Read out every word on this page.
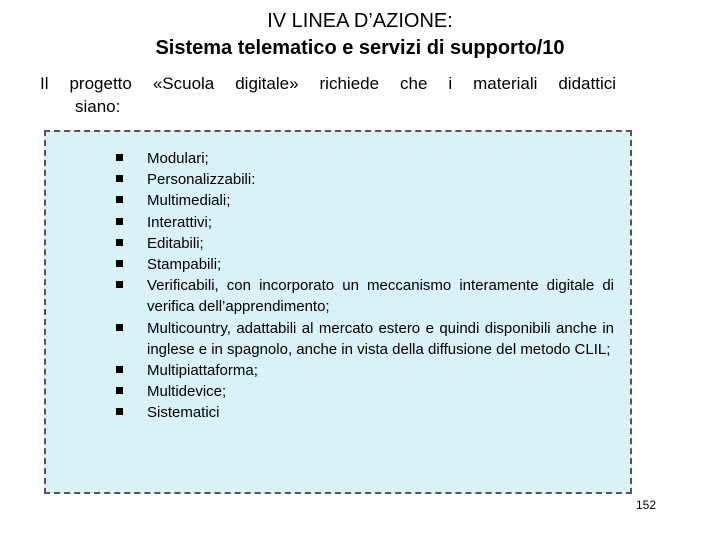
IV LINEA D’AZIONE:
Sistema telematico e servizi di supporto/10
Il progetto «Scuola digitale» richiede che i materiali didattici
siano:
Modulari;
Personalizzabili:
Multimediali;
Interattivi;
Editabili;
Stampabili;
Verificabili, con incorporato un meccanismo interamente digitale di verifica dell’apprendimento;
Multicountry, adattabili al mercato estero e quindi disponibili anche in inglese e in spagnolo, anche in vista della diffusione del metodo CLIL;
Multipiattaforma;
Multidevice;
Sistematici
152
